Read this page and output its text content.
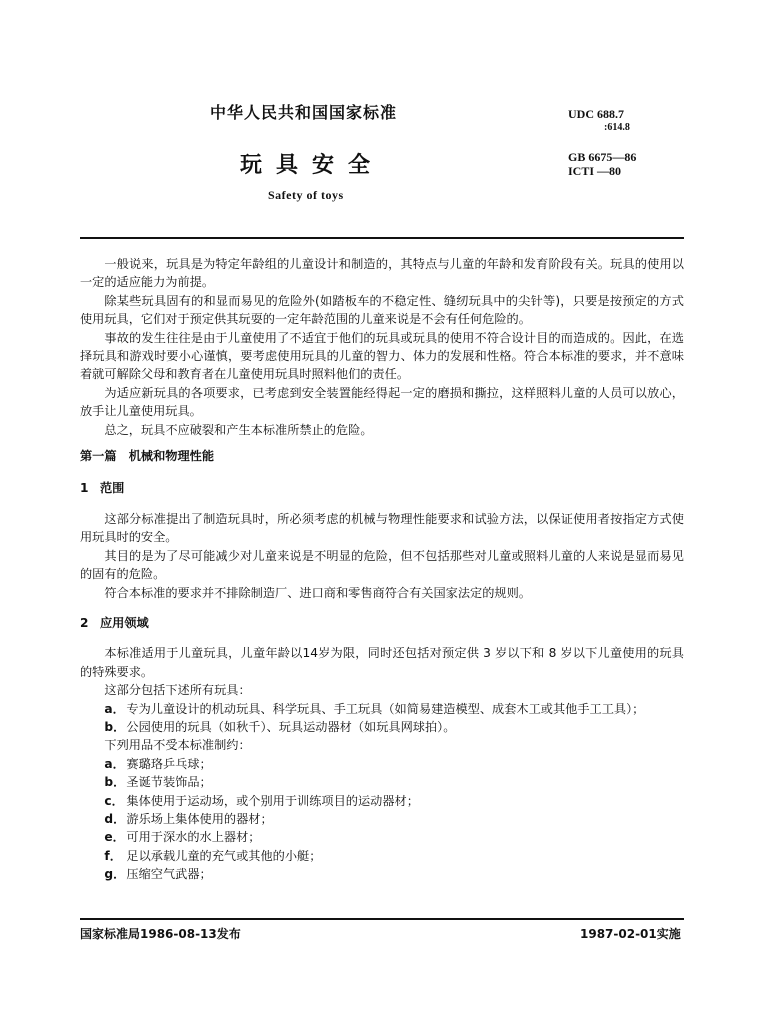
中华人民共和国国家标准
玩具安全
Safety of toys
UDC 688.7
:614.8
GB 6675—86
ICTI —80

一般说来，玩具是为特定年龄组的儿童设计和制造的，其特点与儿童的年龄和发育阶段有关。玩具的使用以一定的适应能力为前提。

除某些玩具固有的和显而易见的危险外(如踏板车的不稳定性、缝纫玩具中的尖针等)，只要是按预定的方式使用玩具，它们对于预定供其玩耍的一定年龄范围的儿童来说是不会有任何危险的。

事故的发生往往是由于儿童使用了不适宜于他们的玩具或玩具的使用不符合设计目的而造成的。因此，在选择玩具和游戏时要小心谨慎，要考虑使用玩具的儿童的智力、体力的发展和性格。符合本标准的要求，并不意味着就可解除父母和教育者在儿童使用玩具时照料他们的责任。

为适应新玩具的各项要求，已考虑到安全装置能经得起一定的磨损和撕拉，这样照料儿童的人员可以放心，放手让儿童使用玩具。

总之，玩具不应破裂和产生本标准所禁止的危险。

第一篇　机械和物理性能

1 范围

这部分标准提出了制造玩具时，所必须考虑的机械与物理性能要求和试验方法，以保证使用者按指定方式使用玩具时的安全。

其目的是为了尽可能减少对儿童来说是不明显的危险，但不包括那些对儿童或照料儿童的人来说是显而易见的固有的危险。

符合本标准的要求并不排除制造厂、进口商和零售商符合有关国家法定的规则。

2 应用领域

本标准适用于儿童玩具，儿童年龄以14岁为限，同时还包括对预定供 3 岁以下和 8 岁以下儿童使用的玩具的特殊要求。

这部分包括下述所有玩具：

a． 专为儿童设计的机动玩具、科学玩具、手工玩具（如简易建造模型、成套木工或其他手工工具）；

b．公园使用的玩具（如秋千）、玩具运动器材（如玩具网球拍）。

下列用品不受本标准制约：

a． 赛璐珞乒乓球；

b．圣诞节装饰品；

c． 集体使用于运动场，或个别用于训练项目的运动器材；

d．游乐场上集体使用的器材；

e． 可用于深水的水上器材；

f． 足以承载儿童的充气或其他的小艇；

g．压缩空气武器；

国家标准局1986-08-13发布	1987-02-01实施
